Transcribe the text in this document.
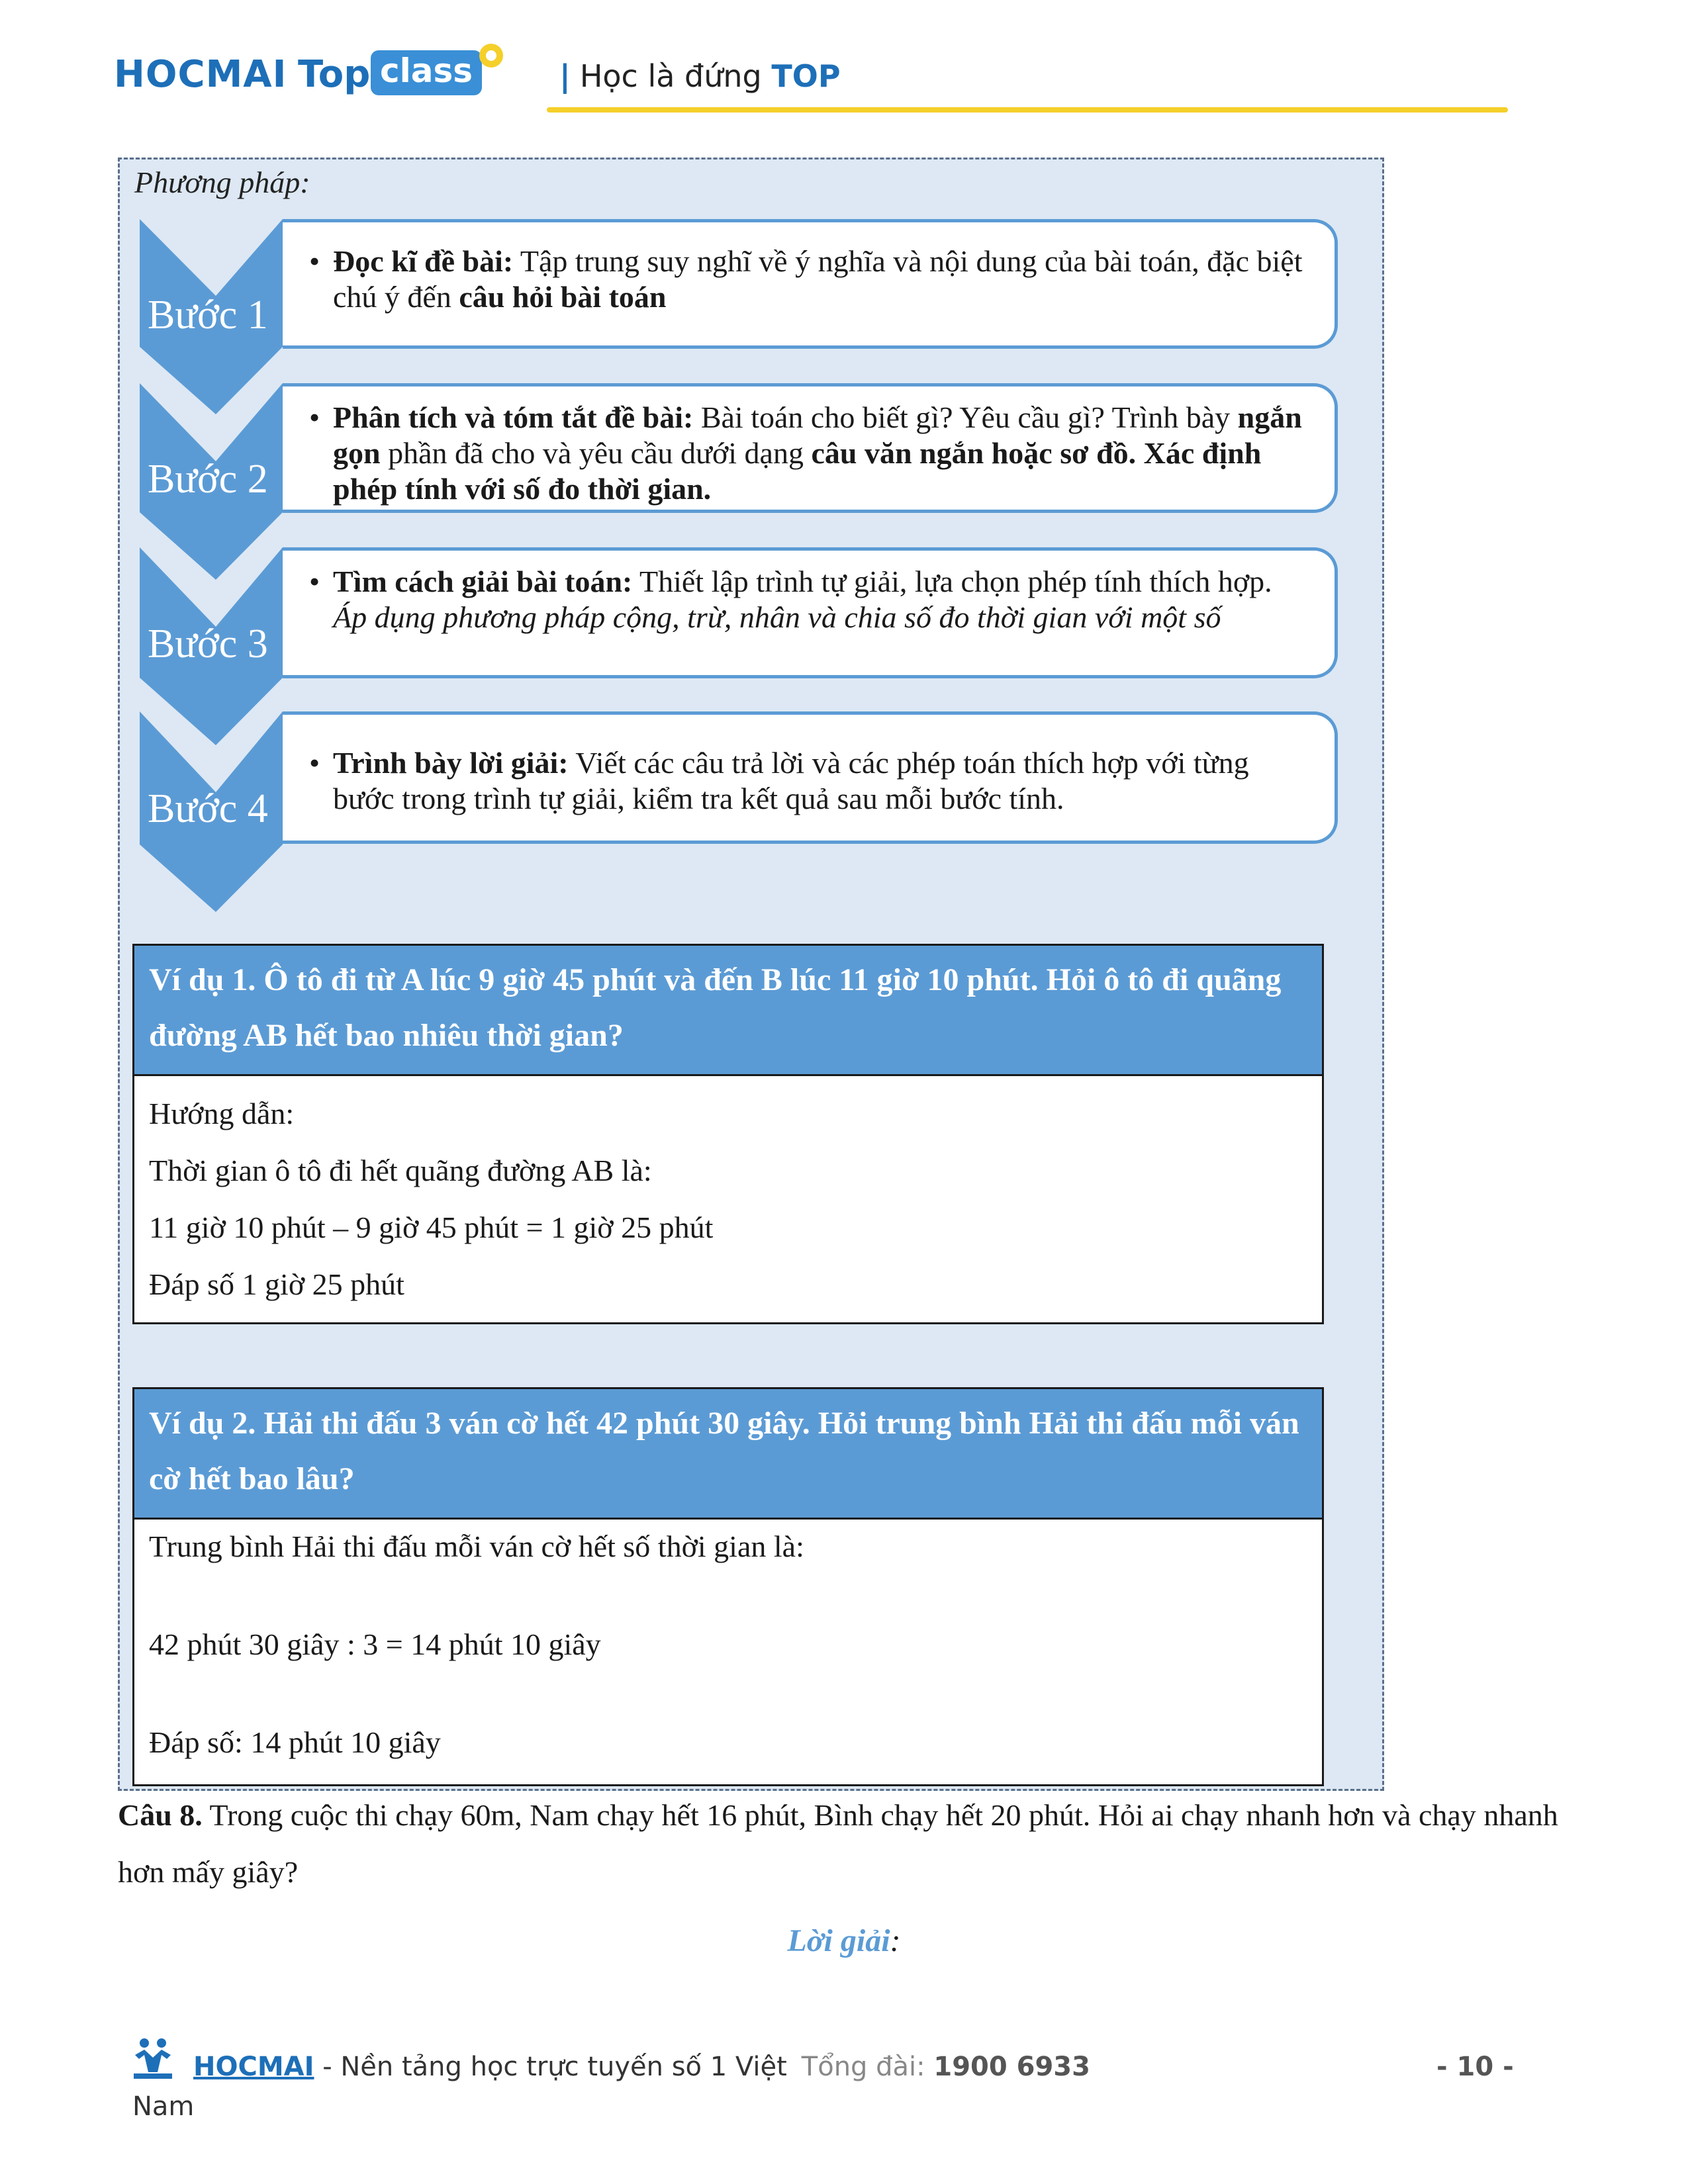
HOCMAI Top class	| Học là đứng TOP
Phương pháp:
Bước 1
Bước 2
Bước 3
Bước 4
• Đọc kĩ đề bài: Tập trung suy nghĩ về ý nghĩa và nội dung của bài toán, đặc biệt chú ý đến câu hỏi bài toán
• Phân tích và tóm tắt đề bài: Bài toán cho biết gì? Yêu cầu gì? Trình bày ngắn gọn phần đã cho và yêu cầu dưới dạng câu văn ngắn hoặc sơ đồ. Xác định phép tính với số đo thời gian.
• Tìm cách giải bài toán: Thiết lập trình tự giải, lựa chọn phép tính thích hợp. Áp dụng phương pháp cộng, trừ, nhân và chia số đo thời gian với một số
• Trình bày lời giải: Viết các câu trả lời và các phép toán thích hợp với từng bước trong trình tự giải, kiểm tra kết quả sau mỗi bước tính.
Ví dụ 1. Ô tô đi từ A lúc 9 giờ 45 phút và đến B lúc 11 giờ 10 phút. Hỏi ô tô đi quãng đường AB hết bao nhiêu thời gian?

Hướng dẫn:

Thời gian ô tô đi hết quãng đường AB là:

11 giờ 10 phút – 9 giờ 45 phút = 1 giờ 25 phút

Đáp số 1 giờ 25 phút

Ví dụ 2. Hải thi đấu 3 ván cờ hết 42 phút 30 giây. Hỏi trung bình Hải thi đấu mỗi ván cờ hết bao lâu?

Trung bình Hải thi đấu mỗi ván cờ hết số thời gian là:

42 phút 30 giây : 3 = 14 phút 10 giây

Đáp số: 14 phút 10 giây

Câu 8. Trong cuộc thi chạy 60m, Nam chạy hết 16 phút, Bình chạy hết 20 phút. Hỏi ai chạy nhanh hơn và chạy nhanh hơn mấy giây?
Lời giải:
HOCMAI - Nền tảng học trực tuyến số 1 Việt Tổng đài: 1900 6933	- 10 -
Nam
